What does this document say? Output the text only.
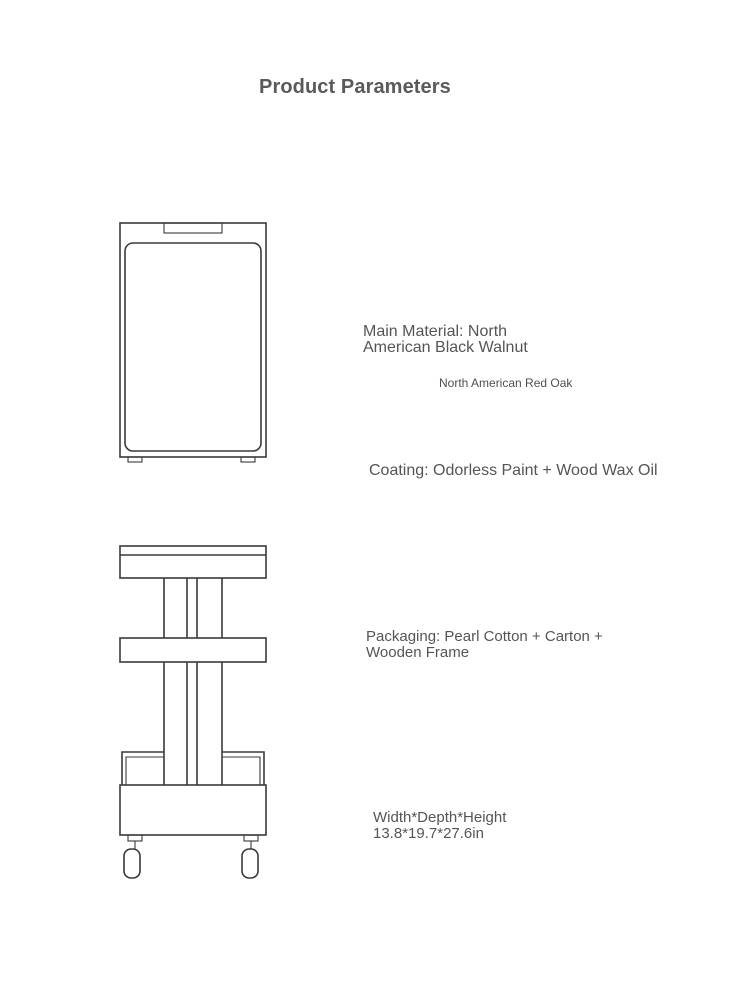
Product Parameters
Main Material: North
American Black Walnut
North American Red Oak
Coating: Odorless Paint + Wood Wax Oil
Packaging: Pearl Cotton + Carton +
Wooden Frame
Width*Depth*Height
13.8*19.7*27.6in
